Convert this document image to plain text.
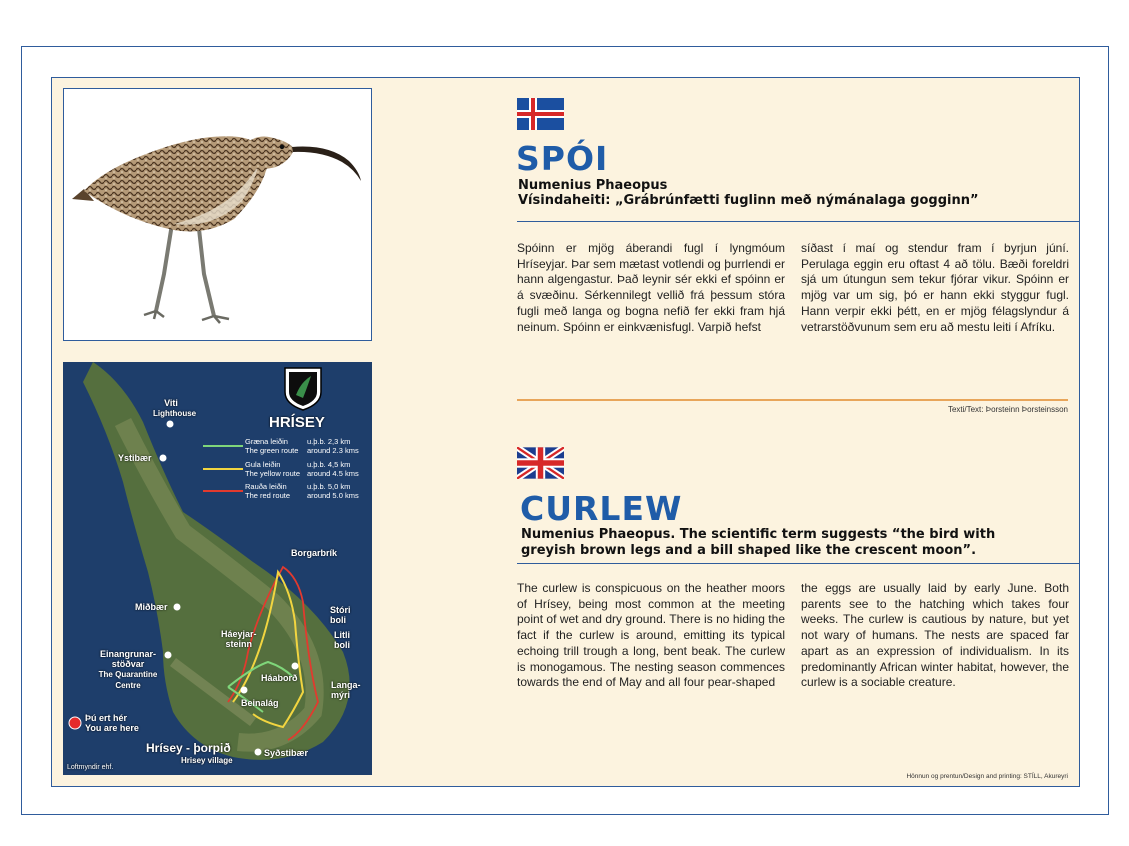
HRÍSEY
Græna leiðin	u.þ.b. 2,3 km
The green route around 2.3 kms
Gula leiðin	u.þ.b. 4,5 km
The yellow route around 4.5 kms
Rauða leiðin	u.þ.b. 5,0 km
The red route around 5.0 kms
Viti
Lighthouse
Ystibær
Borgarbrík
Miðbær	Stóri
boli
Litli
boli
Háeyjar-
steinn
Einangrunar-
stöðvar
The Quarantine
Centre
Háaborð
Langa-
mýri
Beinalág
Þú ert hér
You are here
Hrísey - þorpið
Hrisey village
Syðstibær
Loftmyndir ehf.
SPÓI
Numenius Phaeopus
Vísindaheiti: „Grábrúnfætti fuglinn með nýmánalaga gogginn”
Spóinn er mjög áberandi fugl í lyngmóum Hríseyjar. Þar sem mætast votlendi og þurrlendi er hann algengastur. Það leynir sér ekki ef spóinn er á svæðinu. Sérkennilegt vellið frá þessum stóra fugli með langa og bogna nefið fer ekki fram hjá neinum. Spóinn er einkvænisfugl. Varpið hefst
síðast í maí og stendur fram í byrjun júní. Perulaga eggin eru oftast 4 að tölu. Bæði foreldri sjá um útungun sem tekur fjórar vikur. Spóinn er mjög var um sig, þó er hann ekki styggur fugl. Hann verpir ekki þétt, en er mjög félagslyndur á vetrarstöðvunum sem eru að mestu leiti í Afríku.
Texti/Text: Þorsteinn Þorsteinsson
CURLEW
Numenius Phaeopus. The scientific term suggests “the bird with
greyish brown legs and a bill shaped like the crescent moon”.
The curlew is conspicuous on the heather moors of Hrísey, being most common at the meeting point of wet and dry ground. There is no hiding the fact if the curlew is around, emitting its typical echoing trill trough a long, bent beak. The curlew is monogamous. The nesting season commences towards the end of May and all four pear-shaped
the eggs are usually laid by early June. Both parents see to the hatching which takes four weeks. The curlew is cautious by nature, but yet not wary of humans. The nests are spaced far apart as an expression of individualism. In its predominantly African winter habitat, however, the curlew is a sociable creature.
Hönnun og prentun/Design and printing: STÍLL, Akureyri
